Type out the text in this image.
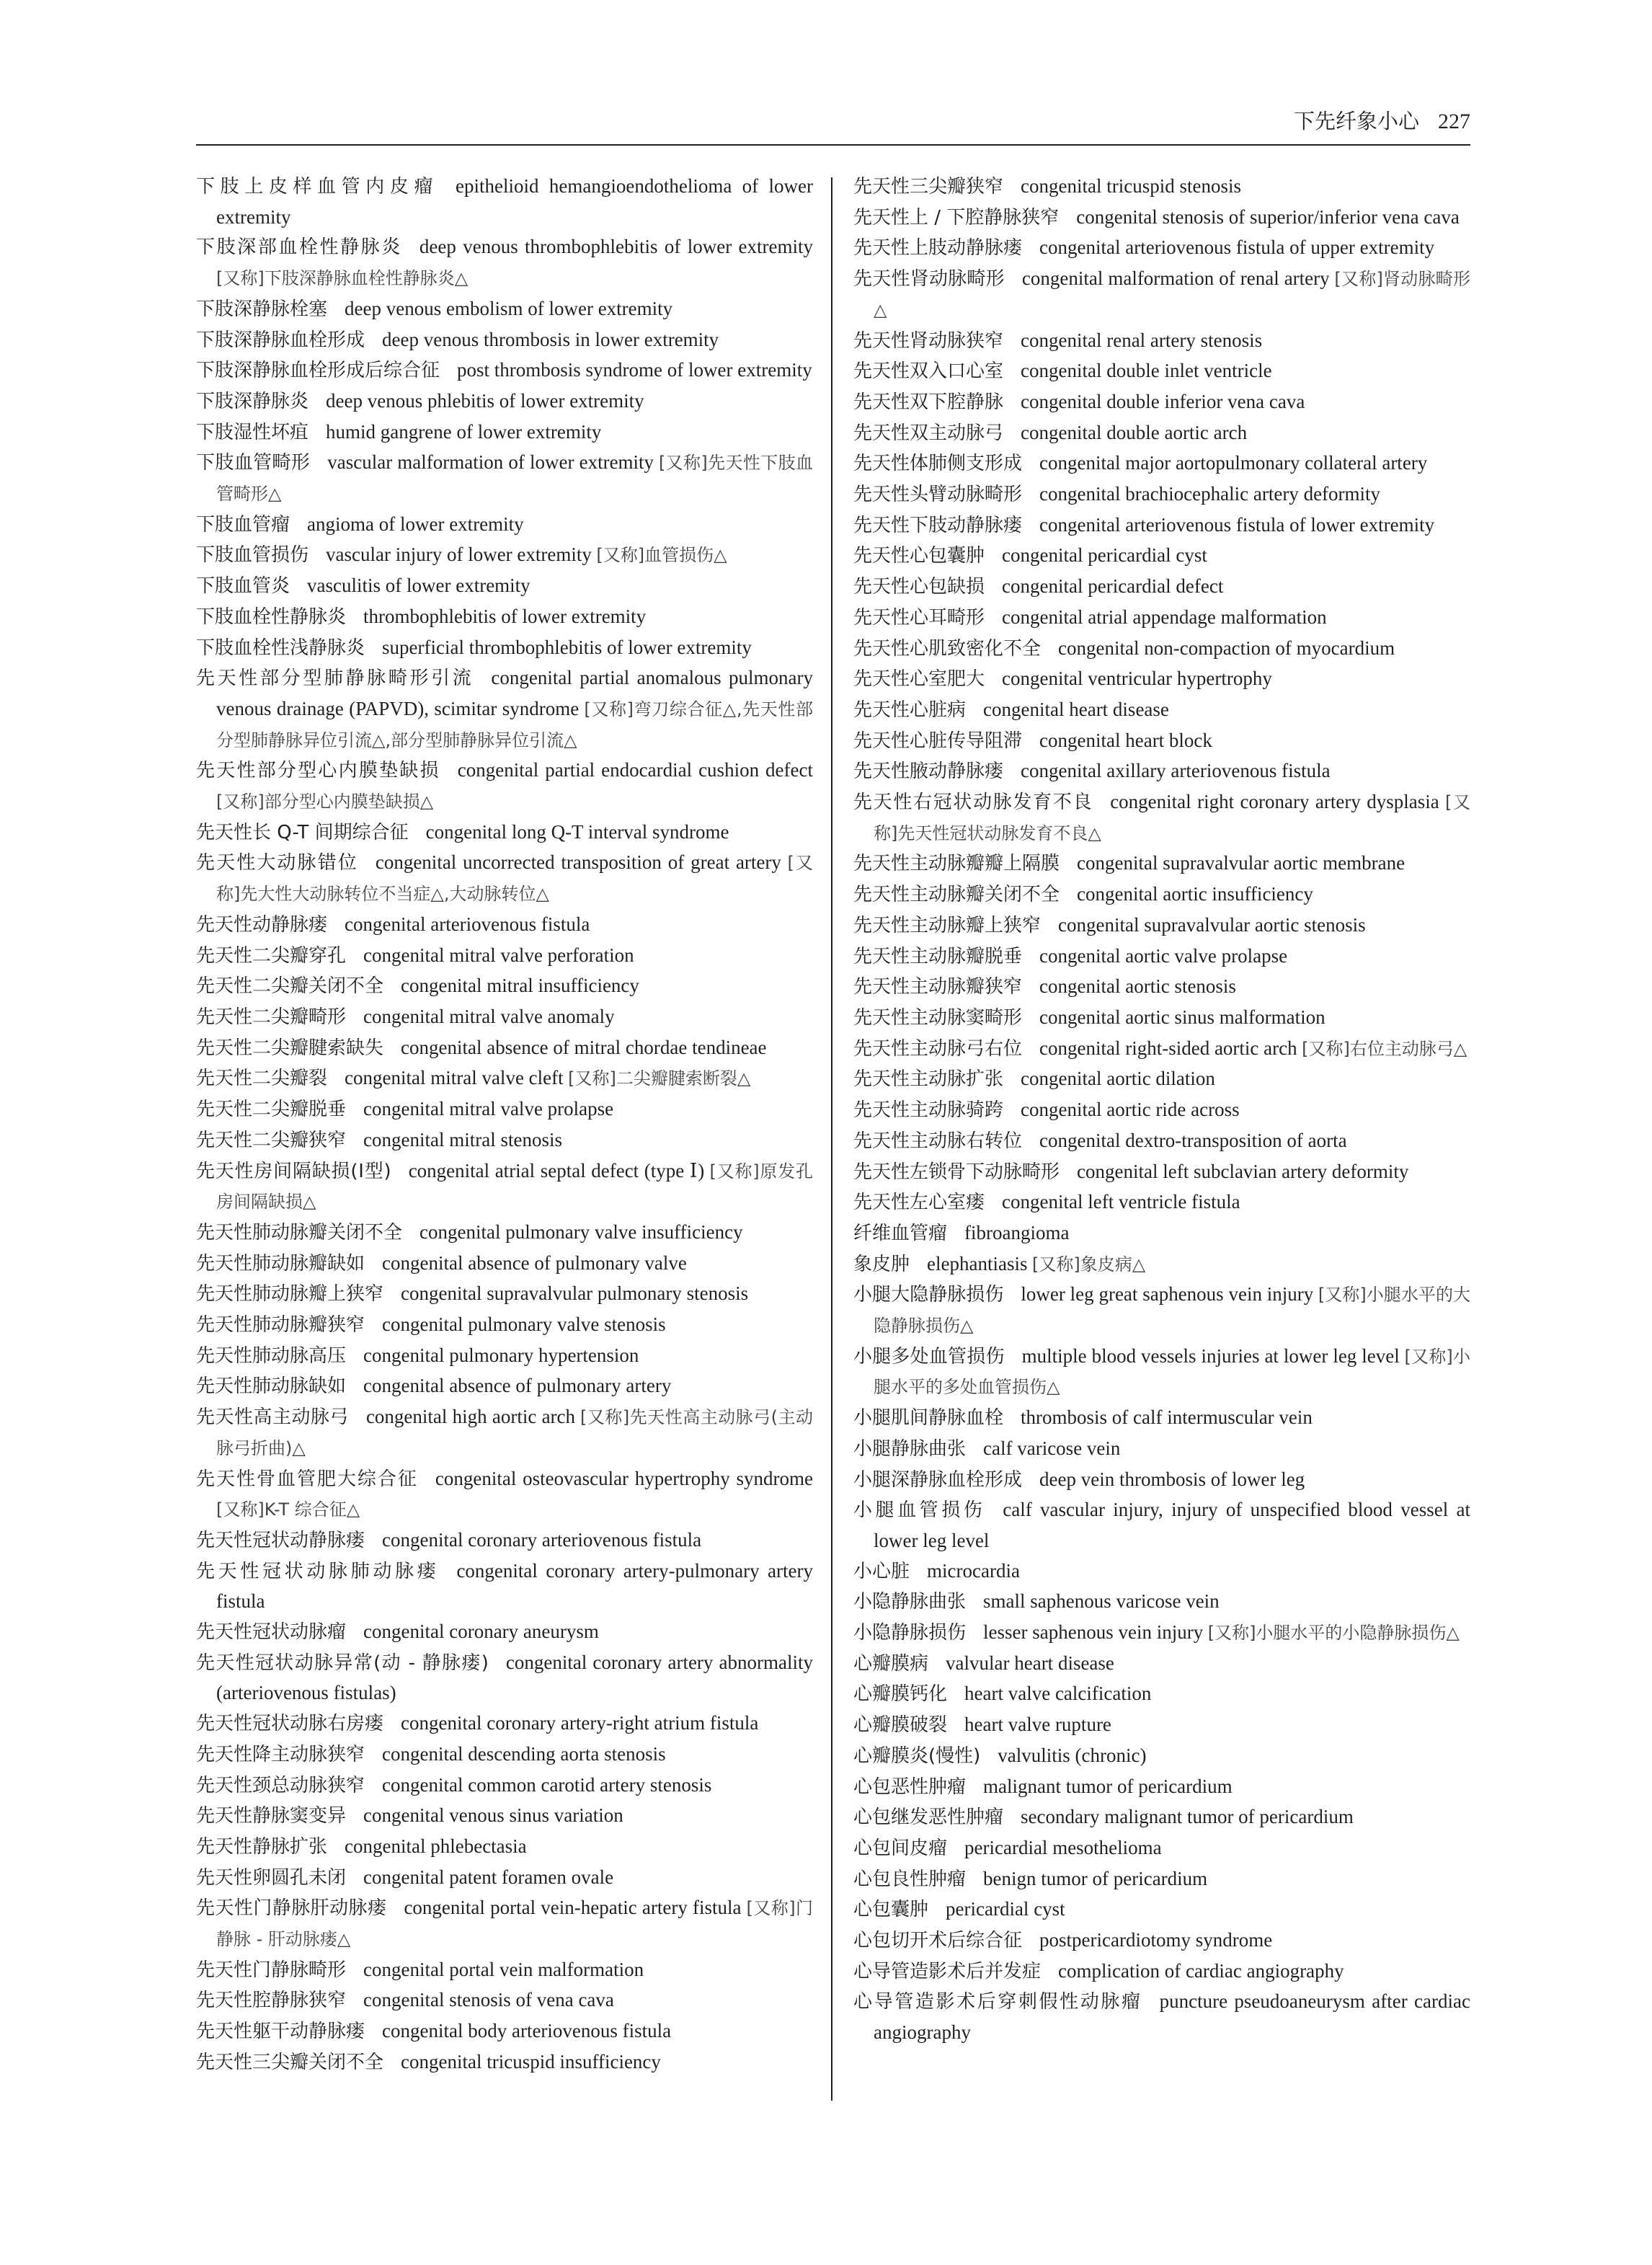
下先纤象小心 227
下肢上皮样血管内皮瘤 epithelioid hemangioendothelioma of lower extremity
下肢深部血栓性静脉炎 deep venous thrombophlebitis of lower extremity [又称]下肢深静脉血栓性静脉炎△
下肢深静脉栓塞 deep venous embolism of lower extremity
下肢深静脉血栓形成 deep venous thrombosis in lower extremity
下肢深静脉血栓形成后综合征 post thrombosis syndrome of lower extremity
下肢深静脉炎 deep venous phlebitis of lower extremity
下肢湿性坏疽 humid gangrene of lower extremity
下肢血管畸形 vascular malformation of lower extremity [又称]先天性下肢血管畸形△
下肢血管瘤 angioma of lower extremity
下肢血管损伤 vascular injury of lower extremity [又称]血管损伤△
下肢血管炎 vasculitis of lower extremity
下肢血栓性静脉炎 thrombophlebitis of lower extremity
下肢血栓性浅静脉炎 superficial thrombophlebitis of lower extremity
先天性部分型肺静脉畸形引流 congenital partial anomalous pulmonary venous drainage (PAPVD), scimitar syndrome [又称]弯刀综合征△,先天性部分型肺静脉异位引流△,部分型肺静脉异位引流△
先天性部分型心内膜垫缺损 congenital partial endocardial cushion defect [又称]部分型心内膜垫缺损△
先天性长 Q-T 间期综合征 congenital long Q-T interval syndrome
先天性大动脉错位 congenital uncorrected transposition of great artery [又称]先大性大动脉转位不当症△,大动脉转位△
先天性动静脉瘘 congenital arteriovenous fistula
先天性二尖瓣穿孔 congenital mitral valve perforation
先天性二尖瓣关闭不全 congenital mitral insufficiency
先天性二尖瓣畸形 congenital mitral valve anomaly
先天性二尖瓣腱索缺失 congenital absence of mitral chordae tendineae
先天性二尖瓣裂 congenital mitral valve cleft [又称]二尖瓣腱索断裂△
先天性二尖瓣脱垂 congenital mitral valve prolapse
先天性二尖瓣狭窄 congenital mitral stenosis
先天性房间隔缺损(Ⅰ型) congenital atrial septal defect (type Ⅰ) [又称]原发孔房间隔缺损△
先天性肺动脉瓣关闭不全 congenital pulmonary valve insufficiency
先天性肺动脉瓣缺如 congenital absence of pulmonary valve
先天性肺动脉瓣上狭窄 congenital supravalvular pulmonary stenosis
先天性肺动脉瓣狭窄 congenital pulmonary valve stenosis
先天性肺动脉高压 congenital pulmonary hypertension
先天性肺动脉缺如 congenital absence of pulmonary artery
先天性高主动脉弓 congenital high aortic arch [又称]先天性高主动脉弓(主动脉弓折曲)△
先天性骨血管肥大综合征 congenital osteovascular hypertrophy syndrome [又称]K-T 综合征△
先天性冠状动静脉瘘 congenital coronary arteriovenous fistula
先天性冠状动脉肺动脉瘘 congenital coronary artery-pulmonary artery fistula
先天性冠状动脉瘤 congenital coronary aneurysm
先天性冠状动脉异常(动 - 静脉瘘) congenital coronary artery abnormality (arteriovenous fistulas)
先天性冠状动脉右房瘘 congenital coronary artery-right atrium fistula
先天性降主动脉狭窄 congenital descending aorta stenosis
先天性颈总动脉狭窄 congenital common carotid artery stenosis
先天性静脉窦变异 congenital venous sinus variation
先天性静脉扩张 congenital phlebectasia
先天性卵圆孔未闭 congenital patent foramen ovale
先天性门静脉肝动脉瘘 congenital portal vein-hepatic artery fistula [又称]门静脉 - 肝动脉瘘△
先天性门静脉畸形 congenital portal vein malformation
先天性腔静脉狭窄 congenital stenosis of vena cava
先天性躯干动静脉瘘 congenital body arteriovenous fistula
先天性三尖瓣关闭不全 congenital tricuspid insufficiency
先天性三尖瓣狭窄 congenital tricuspid stenosis
先天性上 / 下腔静脉狭窄 congenital stenosis of superior/inferior vena cava
先天性上肢动静脉瘘 congenital arteriovenous fistula of upper extremity
先天性肾动脉畸形 congenital malformation of renal artery [又称]肾动脉畸形△
先天性肾动脉狭窄 congenital renal artery stenosis
先天性双入口心室 congenital double inlet ventricle
先天性双下腔静脉 congenital double inferior vena cava
先天性双主动脉弓 congenital double aortic arch
先天性体肺侧支形成 congenital major aortopulmonary collateral artery
先天性头臂动脉畸形 congenital brachiocephalic artery deformity
先天性下肢动静脉瘘 congenital arteriovenous fistula of lower extremity
先天性心包囊肿 congenital pericardial cyst
先天性心包缺损 congenital pericardial defect
先天性心耳畸形 congenital atrial appendage malformation
先天性心肌致密化不全 congenital non-compaction of myocardium
先天性心室肥大 congenital ventricular hypertrophy
先天性心脏病 congenital heart disease
先天性心脏传导阻滞 congenital heart block
先天性腋动静脉瘘 congenital axillary arteriovenous fistula
先天性右冠状动脉发育不良 congenital right coronary artery dysplasia [又称]先天性冠状动脉发育不良△
先天性主动脉瓣瓣上隔膜 congenital supravalvular aortic membrane
先天性主动脉瓣关闭不全 congenital aortic insufficiency
先天性主动脉瓣上狭窄 congenital supravalvular aortic stenosis
先天性主动脉瓣脱垂 congenital aortic valve prolapse
先天性主动脉瓣狭窄 congenital aortic stenosis
先天性主动脉窦畸形 congenital aortic sinus malformation
先天性主动脉弓右位 congenital right-sided aortic arch [又称]右位主动脉弓△
先天性主动脉扩张 congenital aortic dilation
先天性主动脉骑跨 congenital aortic ride across
先天性主动脉右转位 congenital dextro-transposition of aorta
先天性左锁骨下动脉畸形 congenital left subclavian artery deformity
先天性左心室瘘 congenital left ventricle fistula
纤维血管瘤 fibroangioma
象皮肿 elephantiasis [又称]象皮病△
小腿大隐静脉损伤 lower leg great saphenous vein injury [又称]小腿水平的大隐静脉损伤△
小腿多处血管损伤 multiple blood vessels injuries at lower leg level [又称]小腿水平的多处血管损伤△
小腿肌间静脉血栓 thrombosis of calf intermuscular vein
小腿静脉曲张 calf varicose vein
小腿深静脉血栓形成 deep vein thrombosis of lower leg
小腿血管损伤 calf vascular injury, injury of unspecified blood vessel at lower leg level
小心脏 microcardia
小隐静脉曲张 small saphenous varicose vein
小隐静脉损伤 lesser saphenous vein injury [又称]小腿水平的小隐静脉损伤△
心瓣膜病 valvular heart disease
心瓣膜钙化 heart valve calcification
心瓣膜破裂 heart valve rupture
心瓣膜炎(慢性) valvulitis (chronic)
心包恶性肿瘤 malignant tumor of pericardium
心包继发恶性肿瘤 secondary malignant tumor of pericardium
心包间皮瘤 pericardial mesothelioma
心包良性肿瘤 benign tumor of pericardium
心包囊肿 pericardial cyst
心包切开术后综合征 postpericardiotomy syndrome
心导管造影术后并发症 complication of cardiac angiography
心导管造影术后穿刺假性动脉瘤 puncture pseudoaneurysm after cardiac angiography
